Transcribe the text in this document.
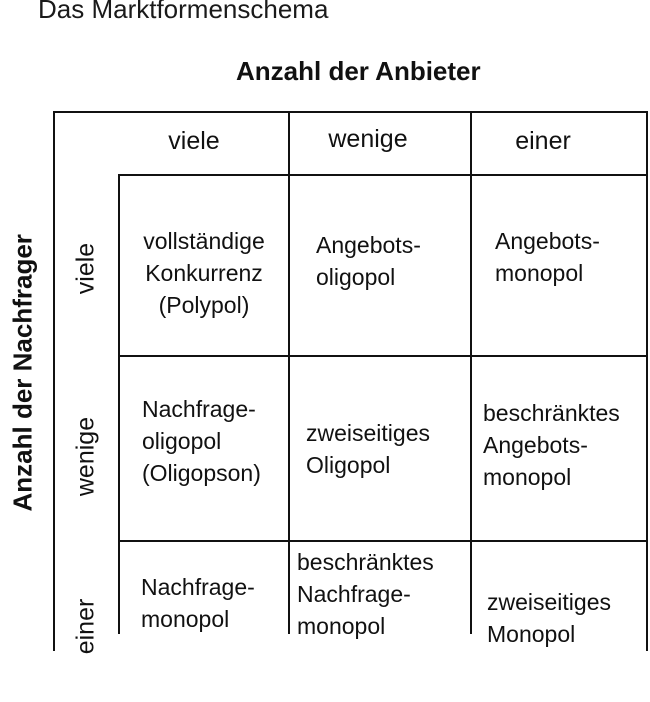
Das Marktformenschema
Anzahl der Anbieter
Anzahl der Nachfrager
viele	wenige	einer
viele
wenige
einer
vollständige
Konkurrenz
(Polypol)
Angebots-
oligopol
Angebots-
monopol
Nachfrage-
oligopol
(Oligopson)
zweiseitiges
Oligopol
beschränktes
Angebots-
monopol
Nachfrage-
monopol
beschränktes
Nachfrage-
monopol
zweiseitiges
Monopol
